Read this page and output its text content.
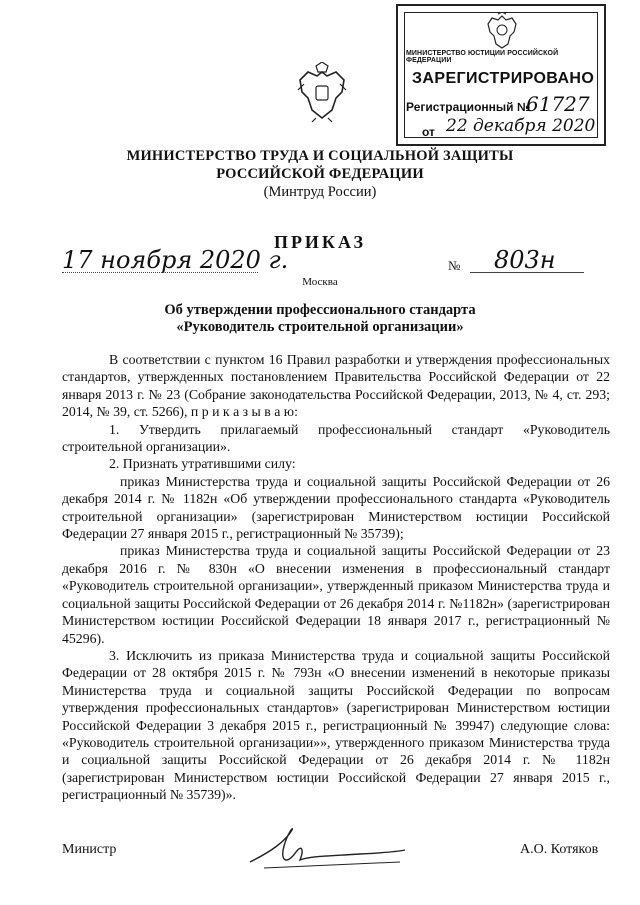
МИНИСТЕРСТВО ЮСТИЦИИ РОССИЙСКОЙ ФЕДЕРАЦИИ
ЗАРЕГИСТРИРОВАНО
Регистрационный №
61727
от 22 декабря 2020
МИНИСТЕРСТВО ТРУДА И СОЦИАЛЬНОЙ ЗАЩИТЫ
РОССИЙСКОЙ ФЕДЕРАЦИИ
(Минтруд России)
ПРИКАЗ
17 ноября 2020 г.	№ 803н
Москва
Об утверждении профессионального стандарта
«Руководитель строительной организации»

В соответствии с пунктом 16 Правил разработки и утверждения профессиональных стандартов, утвержденных постановлением Правительства Российской Федерации от 22 января 2013 г. № 23 (Собрание законодательства Российской Федерации, 2013, № 4, ст. 293; 2014, № 39, ст. 5266), п р и к а з ы в а ю:

1. Утвердить прилагаемый профессиональный стандарт «Руководитель строительной организации».

2. Признать утратившими силу:

приказ Министерства труда и социальной защиты Российской Федерации от 26 декабря 2014 г. № 1182н «Об утверждении профессионального стандарта «Руководитель строительной организации» (зарегистрирован Министерством юстиции Российской Федерации 27 января 2015 г., регистрационный № 35739);

приказ Министерства труда и социальной защиты Российской Федерации от 23 декабря 2016 г. № 830н «О внесении изменения в профессиональный стандарт «Руководитель строительной организации», утвержденный приказом Министерства труда и социальной защиты Российской Федерации от 26 декабря 2014 г. №1182н» (зарегистрирован Министерством юстиции Российской Федерации 18 января 2017 г., регистрационный № 45296).

3. Исключить из приказа Министерства труда и социальной защиты Российской Федерации от 28 октября 2015 г. № 793н «О внесении изменений в некоторые приказы Министерства труда и социальной защиты Российской Федерации по вопросам утверждения профессиональных стандартов» (зарегистрирован Министерством юстиции Российской Федерации 3 декабря 2015 г., регистрационный № 39947) следующие слова: «Руководитель строительной организации»», утвержденного приказом Министерства труда и социальной защиты Российской Федерации от 26 декабря 2014 г. № 1182н (зарегистрирован Министерством юстиции Российской Федерации 27 января 2015 г., регистрационный № 35739)».

Министр	А.О. Котяков
